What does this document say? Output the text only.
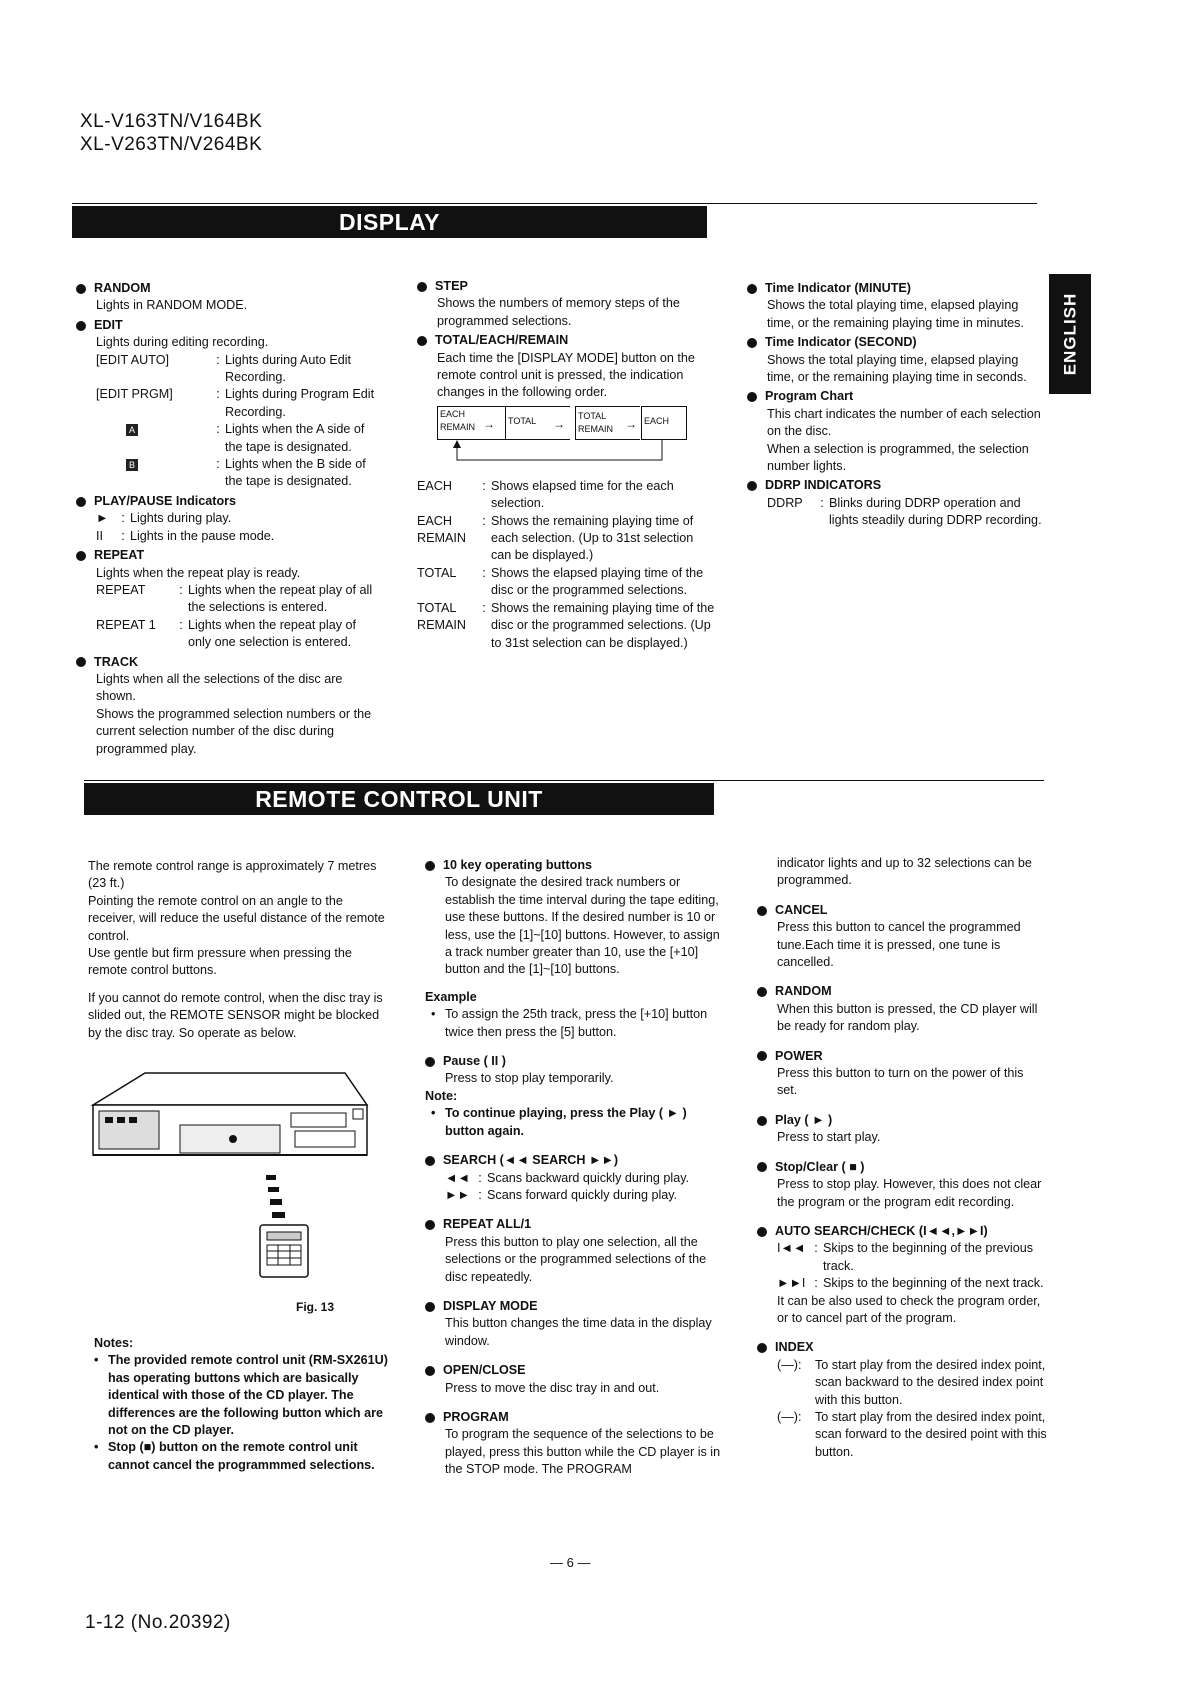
XL-V163TN/V164BK
XL-V263TN/V264BK
DISPLAY
ENGLISH
RANDOM
Lights in RANDOM MODE.
EDIT
Lights during editing recording.
[EDIT AUTO]	: Lights during Auto Edit Recording.
[EDIT PRGM]	: Lights during Program Edit Recording.
A	: Lights when the A side of the tape is designated.
B	: Lights when the B side of the tape is designated.
PLAY/PAUSE Indicators
►	: Lights during play.
II	: Lights in the pause mode.
REPEAT
Lights when the repeat play is ready.
REPEAT	: Lights when the repeat play of all the selections is entered.
REPEAT 1	: Lights when the repeat play of only one selection is entered.
TRACK
Lights when all the selections of the disc are shown.
Shows the programmed selection numbers or the current selection number of the disc during programmed play.
STEP
Shows the numbers of memory steps of the programmed selections.
TOTAL/EACH/REMAIN
Each time the [DISPLAY MODE] button on the remote control unit is pressed, the indication changes in the following order.
EACH
REMAIN → TOTAL	→
TOTAL
REMAIN → EACH
EACH	: Shows elapsed time for the each selection.
EACH REMAIN
: Shows the remaining playing time of each selection. (Up to 31st selection can be displayed.)
TOTAL	: Shows the elapsed playing time of the disc or the programmed selections.
TOTAL REMAIN
: Shows the remaining playing time of the disc or the programmed selections. (Up to 31st selection can be displayed.)
Time Indicator (MINUTE)
Shows the total playing time, elapsed playing time, or the remaining playing time in minutes.
Time Indicator (SECOND)
Shows the total playing time, elapsed playing time, or the remaining playing time in seconds.
Program Chart
This chart indicates the number of each selection on the disc.
When a selection is programmed, the selection number lights.
DDRP INDICATORS
DDRP	: Blinks during DDRP operation and lights steadily during DDRP recording.
REMOTE CONTROL UNIT
The remote control range is approximately 7 metres (23 ft.)
Pointing the remote control on an angle to the receiver, will reduce the useful distance of the remote control.
Use gentle but firm pressure when pressing the remote control buttons.
If you cannot do remote control, when the disc tray is slided out, the REMOTE SENSOR might be blocked by the disc tray. So operate as below.
Fig. 13
Notes:
• The provided remote control unit (RM-SX261U) has operating buttons which are basically identical with those of the CD player. The differences are the following button which are not on the CD player.
• Stop (■) button on the remote control unit cannot cancel the programmmed selections.
10 key operating buttons
To designate the desired track numbers or establish the time interval during the tape editing, use these buttons. If the desired number is 10 or less, use the [1]~[10] buttons. However, to assign a track number greater than 10, use the [+10] button and the [1]~[10] buttons.
Example
• To assign the 25th track, press the [+10] button twice then press the [5] button.
Pause ( II )
Press to stop play temporarily.
Note:
• To continue playing, press the Play ( ► ) button again.
SEARCH (◄◄ SEARCH ►►)
◄◄ : Scans backward quickly during play.
►► : Scans forward quickly during play.
REPEAT ALL/1
Press this button to play one selection, all the selections or the programmed selections of the disc repeatedly.
DISPLAY MODE
This button changes the time data in the display window.
OPEN/CLOSE
Press to move the disc tray in and out.
PROGRAM
To program the sequence of the selections to be played, press this button while the CD player is in the STOP mode. The PROGRAM
indicator lights and up to 32 selections can be programmed.
CANCEL
Press this button to cancel the programmed tune.Each time it is pressed, one tune is cancelled.
RANDOM
When this button is pressed, the CD player will be ready for random play.
POWER
Press this button to turn on the power of this set.
Play ( ► )
Press to start play.
Stop/Clear ( ■ )
Press to stop play. However, this does not clear the program or the program edit recording.
AUTO SEARCH/CHECK (I◄◄,►►I)
I◄◄ : Skips to the beginning of the previous track.
►►I : Skips to the beginning of the next track.
It can be also used to check the program order, or to cancel part of the program.
INDEX
(—):	To start play from the desired index point, scan backward to the desired index point with this button.
(—):	To start play from the desired index point, scan forward to the desired point with this button.
— 6 —
1-12 (No.20392)
